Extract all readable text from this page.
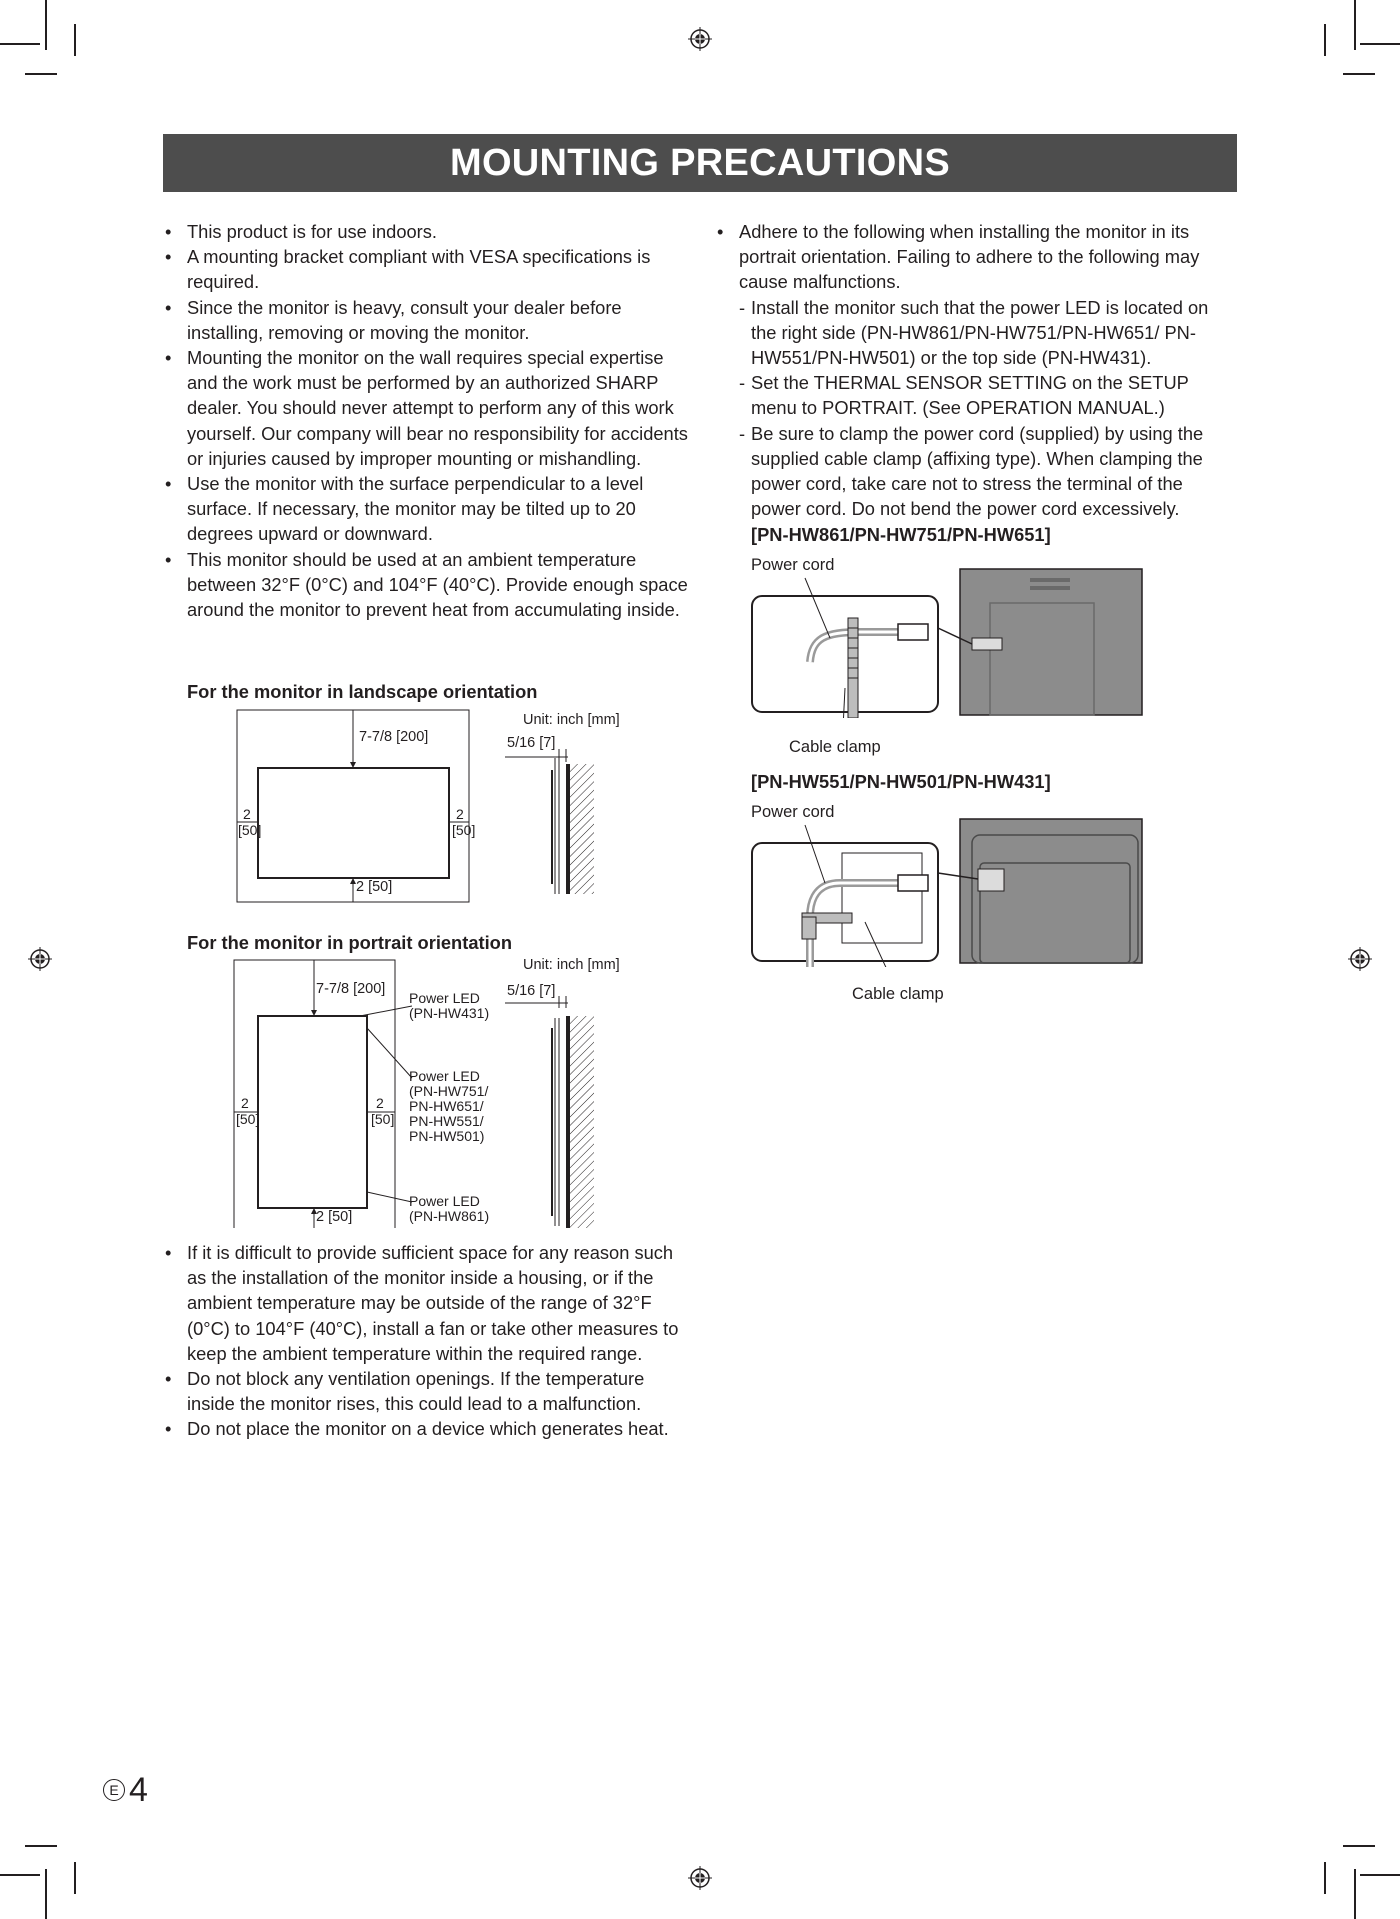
MOUNTING PRECAUTIONS
• This product is for use indoors.
• A mounting bracket compliant with VESA specifications is required.
• Since the monitor is heavy, consult your dealer before installing, removing or moving the monitor.
• Mounting the monitor on the wall requires special expertise and the work must be performed by an authorized SHARP dealer. You should never attempt to perform any of this work yourself. Our company will bear no responsibility for accidents or injuries caused by improper mounting or mishandling.
• Use the monitor with the surface perpendicular to a level surface. If necessary, the monitor may be tilted up to 20 degrees upward or downward.
• This monitor should be used at an ambient temperature between 32°F (0°C) and 104°F (40°C). Provide enough space around the monitor to prevent heat from accumulating inside.
For the monitor in landscape orientation
Unit: inch [mm]
7-7/8 [200]	5/16 [7]
2
[50]
2
[50]
2 [50]
For the monitor in portrait orientation
Unit: inch [mm]
7-7/8 [200]	5/16 [7]
Power LED
(PN-HW431)
Power LED
(PN-HW751/
PN-HW651/
PN-HW551/
PN-HW501)
Power LED
(PN-HW861)
2
[50]
2
[50]
2 [50]
• If it is difficult to provide sufficient space for any reason such as the installation of the monitor inside a housing, or if the ambient temperature may be outside of the range of 32°F (0°C) to 104°F (40°C), install a fan or take other measures to keep the ambient temperature within the required range.
• Do not block any ventilation openings. If the temperature inside the monitor rises, this could lead to a malfunction.
• Do not place the monitor on a device which generates heat.
• Adhere to the following when installing the monitor in its portrait orientation. Failing to adhere to the following may cause malfunctions.
- Install the monitor such that the power LED is located on the right side (PN-HW861/PN-HW751/PN-HW651/ PN-HW551/PN-HW501) or the top side (PN-HW431).
- Set the THERMAL SENSOR SETTING on the SETUP menu to PORTRAIT. (See OPERATION MANUAL.)
- Be sure to clamp the power cord (supplied) by using the supplied cable clamp (affixing type). When clamping the power cord, take care not to stress the terminal of the power cord. Do not bend the power cord excessively.
[PN-HW861/PN-HW751/PN-HW651]
Power cord
Cable clamp
[PN-HW551/PN-HW501/PN-HW431]
Power cord
Cable clamp
E 4
